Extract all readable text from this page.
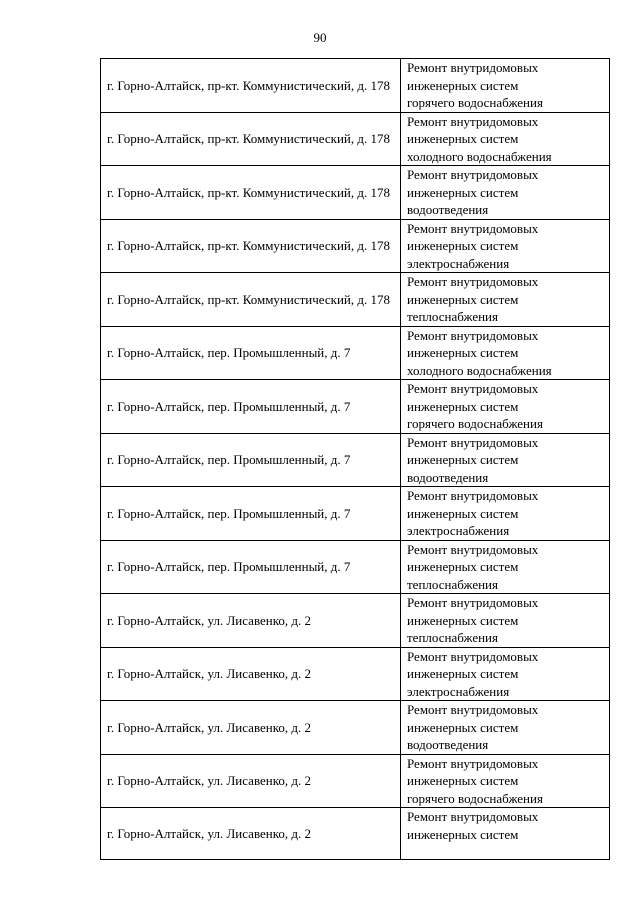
90
г. Горно-Алтайск, пр-кт. Коммунистический, д. 178	Ремонт внутридомовых
инженерных систем
горячего водоснабжения

г. Горно-Алтайск, пр-кт. Коммунистический, д. 178	Ремонт внутридомовых
инженерных систем
холодного водоснабжения

г. Горно-Алтайск, пр-кт. Коммунистический, д. 178	Ремонт внутридомовых
инженерных систем
водоотведения

г. Горно-Алтайск, пр-кт. Коммунистический, д. 178	Ремонт внутридомовых
инженерных систем
электроснабжения

г. Горно-Алтайск, пр-кт. Коммунистический, д. 178	Ремонт внутридомовых
инженерных систем
теплоснабжения

г. Горно-Алтайск, пер. Промышленный, д. 7	Ремонт внутридомовых
инженерных систем
холодного водоснабжения

г. Горно-Алтайск, пер. Промышленный, д. 7	Ремонт внутридомовых
инженерных систем
горячего водоснабжения

г. Горно-Алтайск, пер. Промышленный, д. 7	Ремонт внутридомовых
инженерных систем
водоотведения

г. Горно-Алтайск, пер. Промышленный, д. 7	Ремонт внутридомовых
инженерных систем
электроснабжения

г. Горно-Алтайск, пер. Промышленный, д. 7	Ремонт внутридомовых
инженерных систем
теплоснабжения

г. Горно-Алтайск, ул. Лисавенко, д. 2	Ремонт внутридомовых
инженерных систем
теплоснабжения

г. Горно-Алтайск, ул. Лисавенко, д. 2	Ремонт внутридомовых
инженерных систем
электроснабжения

г. Горно-Алтайск, ул. Лисавенко, д. 2	Ремонт внутридомовых
инженерных систем
водоотведения

г. Горно-Алтайск, ул. Лисавенко, д. 2	Ремонт внутридомовых
инженерных систем
горячего водоснабжения

г. Горно-Алтайск, ул. Лисавенко, д. 2	Ремонт внутридомовых
инженерных систем
